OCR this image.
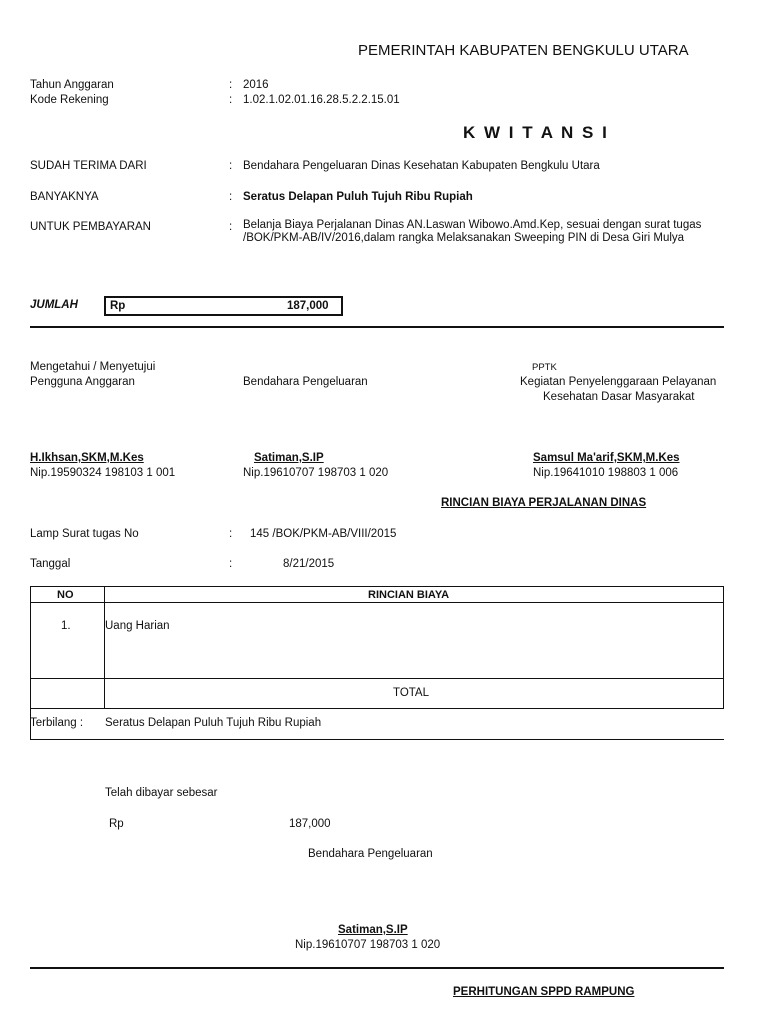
PEMERINTAH KABUPATEN BENGKULU UTARA
Tahun Anggaran	: 2016
Kode Rekening	: 1.02.1.02.01.16.28.5.2.2.15.01
K W I T A N S I
SUDAH TERIMA DARI	: Bendahara Pengeluaran Dinas Kesehatan Kabupaten Bengkulu Utara
BANYAKNYA	: Seratus Delapan Puluh Tujuh Ribu Rupiah
UNTUK PEMBAYARAN	: Belanja Biaya Perjalanan Dinas AN.Laswan Wibowo.Amd.Kep, sesuai dengan surat tugas
/BOK/PKM-AB/IV/2016,dalam rangka Melaksanakan Sweeping PIN di Desa Giri Mulya
JUMLAH	Rp	187,000
Mengetahui / Menyetujui	PPTK
Pengguna Anggaran	Bendahara Pengeluaran	Kegiatan Penyelenggaraan Pelayanan
Kesehatan Dasar Masyarakat
H.Ikhsan,SKM,M.Kes	Satiman,S.IP	Samsul Ma'arif,SKM,M.Kes
Nip.19590324 198103 1 001	Nip.19610707 198703 1 020	Nip.19641010 198803 1 006
RINCIAN BIAYA PERJALANAN DINAS
Lamp Surat tugas No	: 145 /BOK/PKM-AB/VIII/2015
Tanggal	:	8/21/2015
NO	RINCIAN BIAYA
1.	Uang Harian
TOTAL
Terbilang : Seratus Delapan Puluh Tujuh Ribu Rupiah
Telah dibayar sebesar
Rp	187,000
Bendahara Pengeluaran
Satiman,S.IP
Nip.19610707 198703 1 020
PERHITUNGAN SPPD RAMPUNG
